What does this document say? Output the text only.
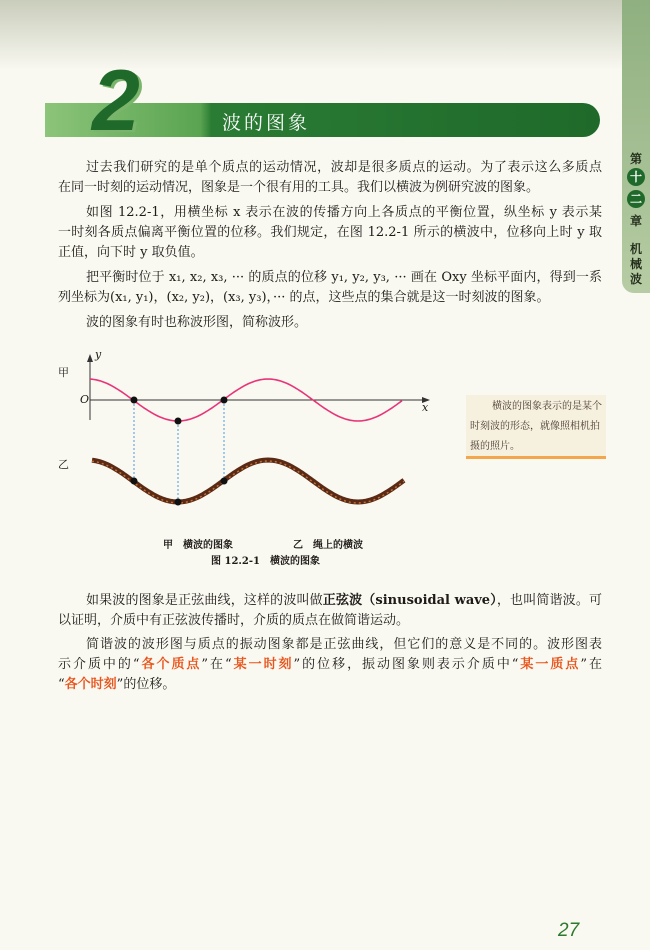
第
十
二
章
机
械
波
2	波的图象
过去我们研究的是单个质点的运动情况，波却是很多质点的运动。为了表示这么多质点
在同一时刻的运动情况，图象是一个很有用的工具。我们以横波为例研究波的图象。
如图 12.2-1，用横坐标 x 表示在波的传播方向上各质点的平衡位置，纵坐标 y 表示某
一时刻各质点偏离平衡位置的位移。我们规定，在图 12.2-1 所示的横波中，位移向上时 y 取
正值，向下时 y 取负值。
把平衡时位于 x₁, x₂, x₃, ··· 的质点的位移 y₁, y₂, y₃, ··· 画在 Oxy 坐标平面内，得到一系
列坐标为(x₁, y₁)，(x₂, y₂)，(x₃, y₃)，··· 的点，这些点的集合就是这一时刻波的图象。
波的图象有时也称波形图，简称波形。
甲
乙
y
O
x
甲　横波的图象	乙　绳上的横波
图 12.2-1　横波的图象
横波的图象表示的是某个时刻波的形态，就像照相机拍摄的照片。
如果波的图象是正弦曲线，这样的波叫做正弦波（sinusoidal wave），也叫简谐波。可
以证明，介质中有正弦波传播时，介质的质点在做简谐运动。
简谐波的波形图与质点的振动图象都是正弦曲线，但它们的意义是不同的。波形图表
示介质中的“各个质点”在“某一时刻”的位移，振动图象则表示介质中“某一质点”在
“各个时刻”的位移。
27
